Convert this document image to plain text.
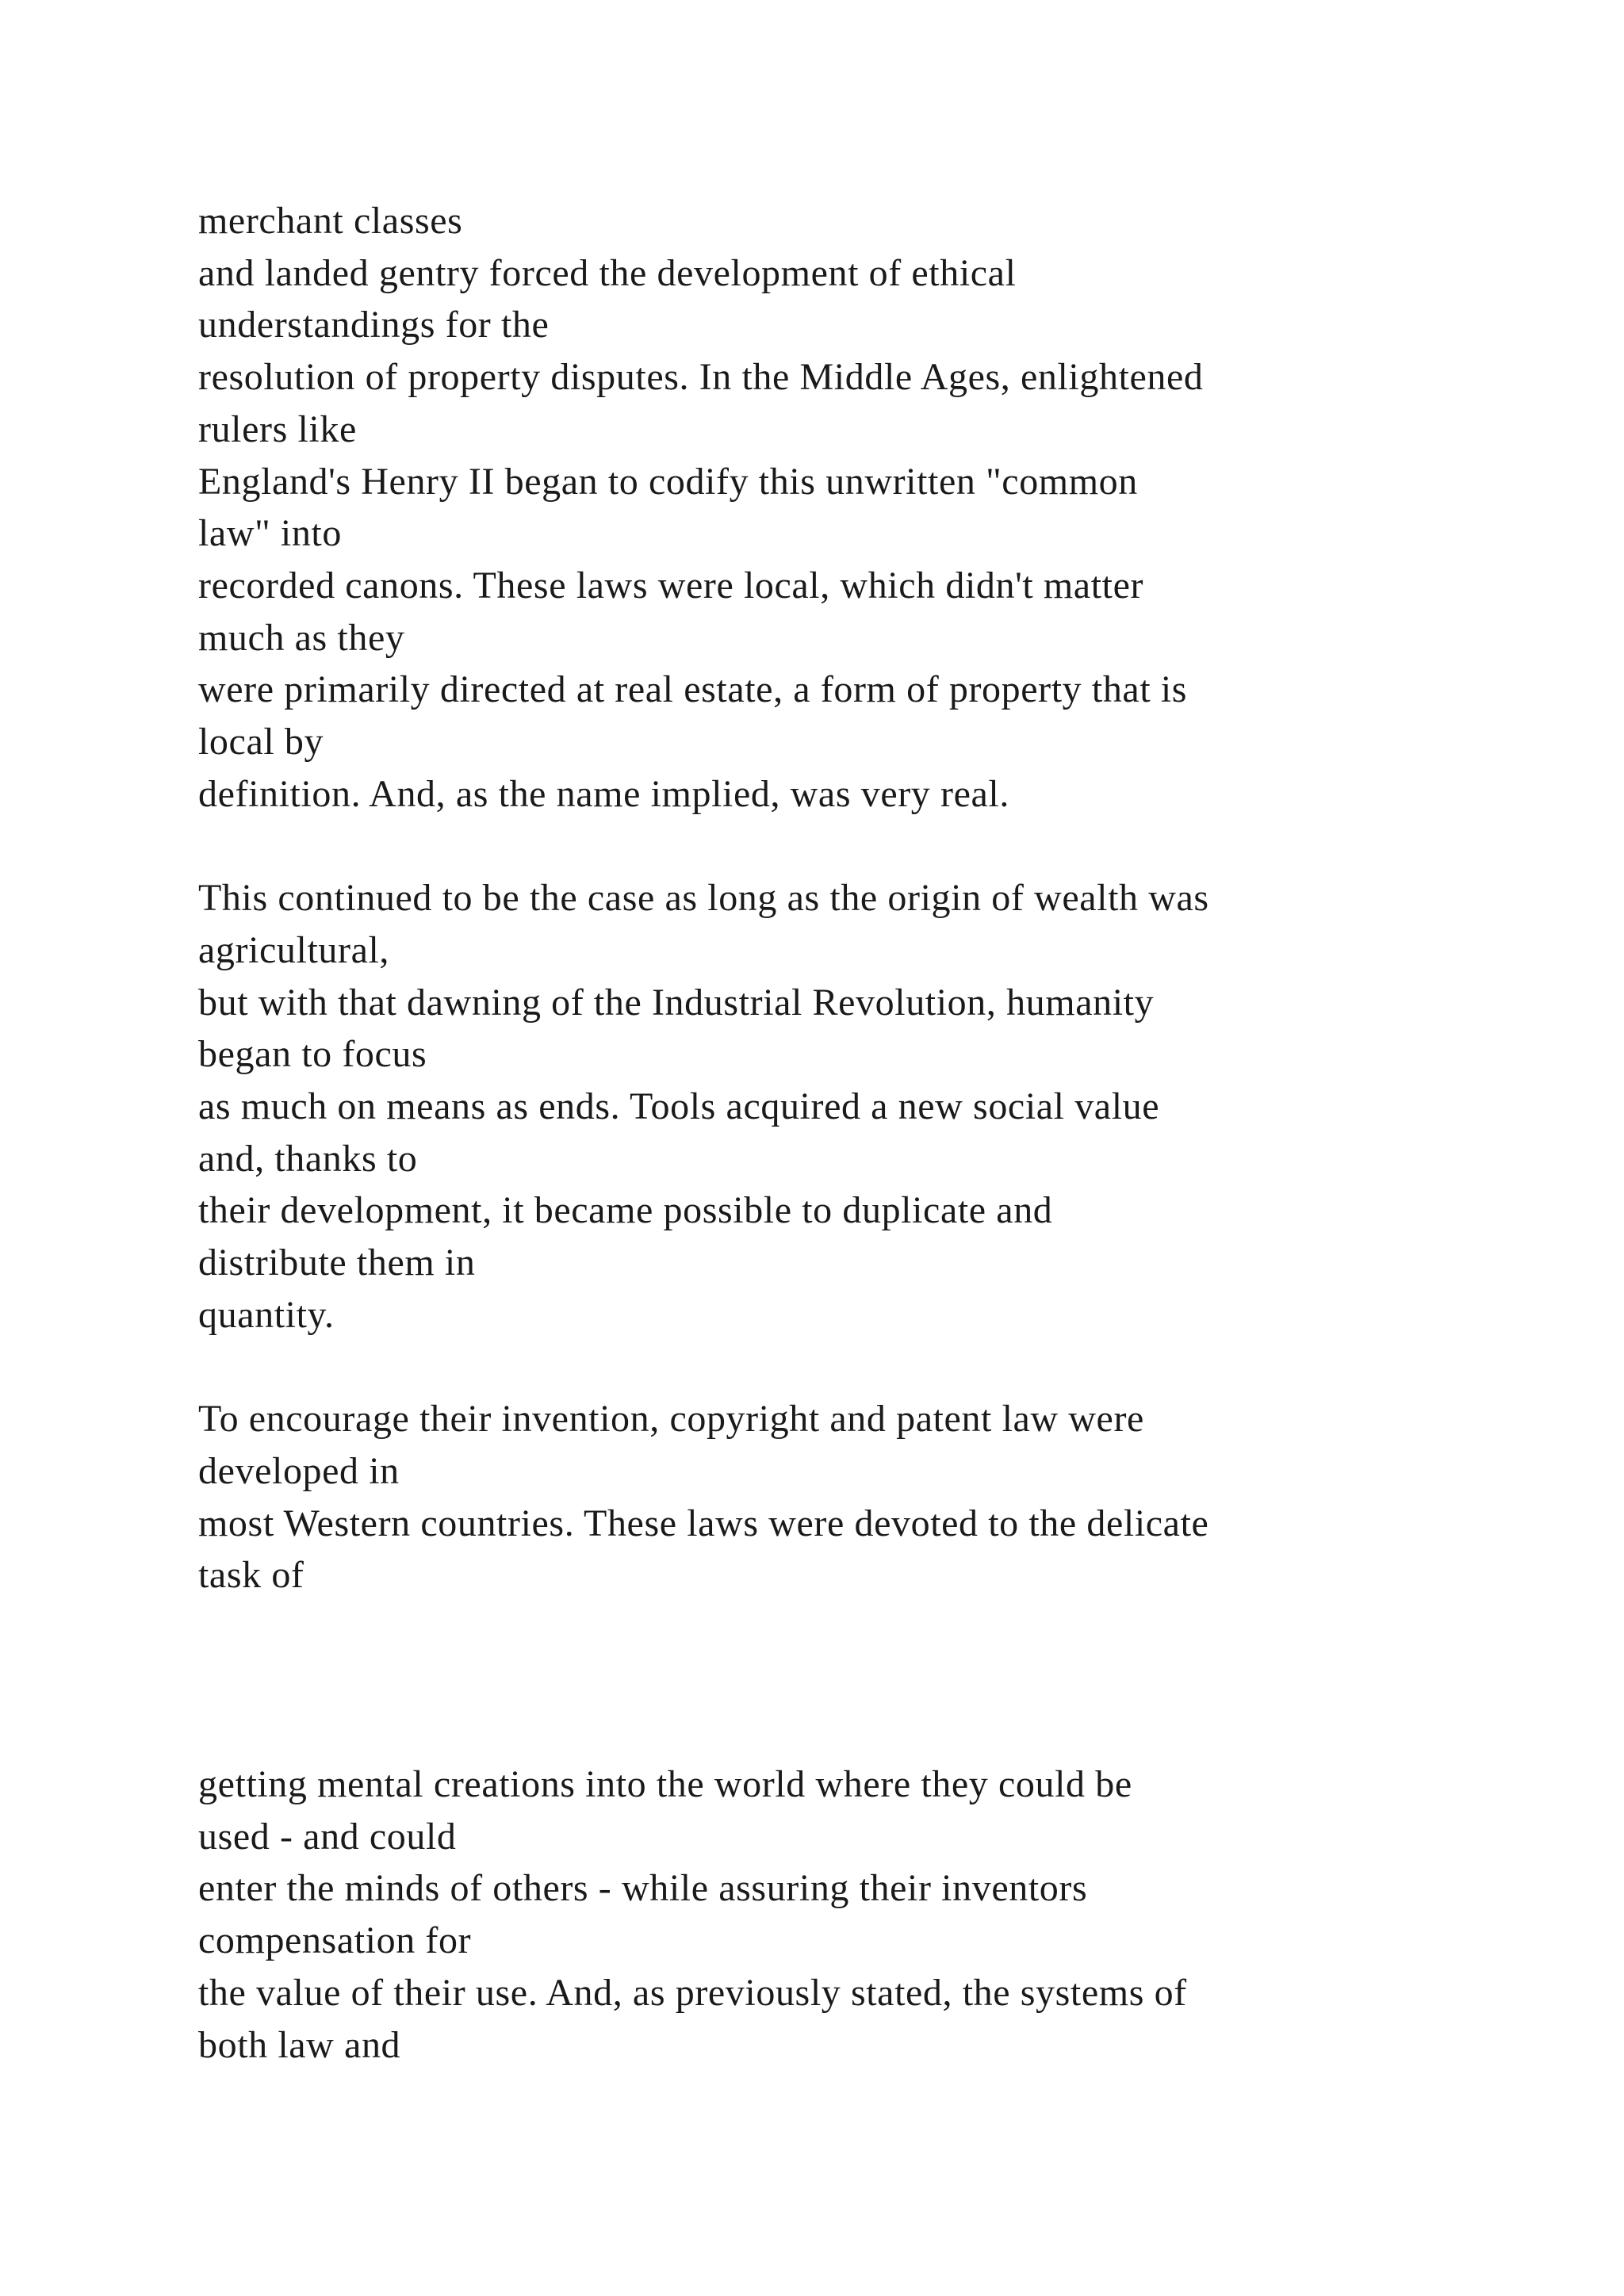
merchant classes
and landed gentry forced the development of ethical
understandings for the
resolution of property disputes. In the Middle Ages, enlightened
rulers like
England's Henry II began to codify this unwritten "common
law" into
recorded canons. These laws were local, which didn't matter
much as they
were primarily directed at real estate, a form of property that is
local by
definition. And, as the name implied, was very real.

This continued to be the case as long as the origin of wealth was
agricultural,
but with that dawning of the Industrial Revolution, humanity
began to focus
as much on means as ends. Tools acquired a new social value
and, thanks to
their development, it became possible to duplicate and
distribute them in
quantity.

To encourage their invention, copyright and patent law were
developed in
most Western countries. These laws were devoted to the delicate
task of
getting mental creations into the world where they could be
used - and could
enter the minds of others - while assuring their inventors
compensation for
the value of their use. And, as previously stated, the systems of
both law and
